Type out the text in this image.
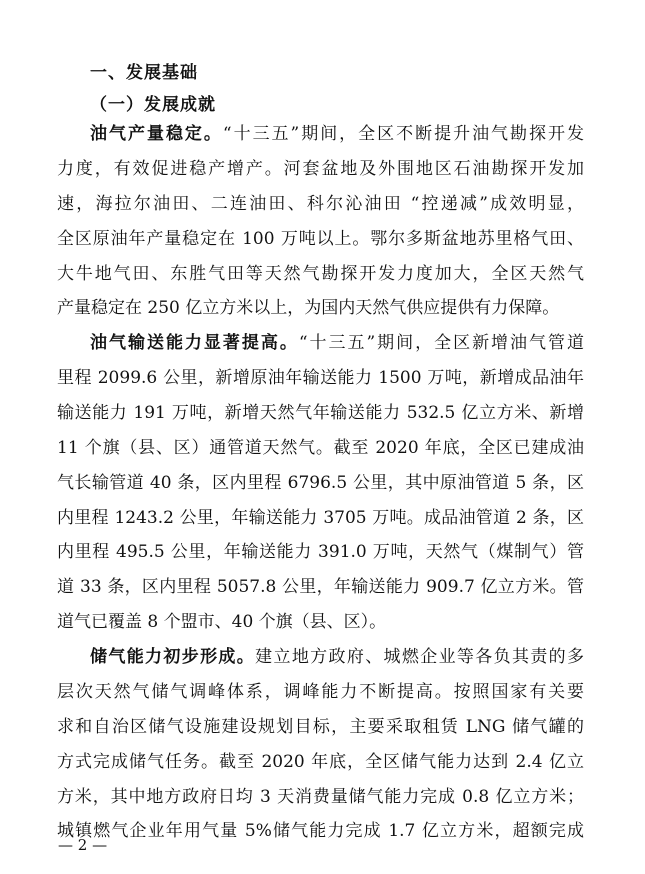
一、发展基础
（一）发展成就
油气产量稳定。“十三五”期间，全区不断提升油气勘探开发
力度，有效促进稳产增产。河套盆地及外围地区石油勘探开发加
速，海拉尔油田、二连油田、科尔沁油田 “控递减”成效明显，
全区原油年产量稳定在 100 万吨以上。鄂尔多斯盆地苏里格气田、
大牛地气田、东胜气田等天然气勘探开发力度加大，全区天然气
产量稳定在 250 亿立方米以上，为国内天然气供应提供有力保障。
油气输送能力显著提高。“十三五”期间，全区新增油气管道
里程 2099.6 公里，新增原油年输送能力 1500 万吨，新增成品油年
输送能力 191 万吨，新增天然气年输送能力 532.5 亿立方米、新增
11 个旗（县、区）通管道天然气。截至 2020 年底，全区已建成油
气长输管道 40 条，区内里程 6796.5 公里，其中原油管道 5 条，区
内里程 1243.2 公里，年输送能力 3705 万吨。成品油管道 2 条，区
内里程 495.5 公里，年输送能力 391.0 万吨，天然气（煤制气）管
道 33 条，区内里程 5057.8 公里，年输送能力 909.7 亿立方米。管
道气已覆盖 8 个盟市、40 个旗（县、区）。
储气能力初步形成。建立地方政府、城燃企业等各负其责的多
层次天然气储气调峰体系，调峰能力不断提高。按照国家有关要
求和自治区储气设施建设规划目标，主要采取租赁 LNG 储气罐的
方式完成储气任务。截至 2020 年底，全区储气能力达到 2.4 亿立
方米，其中地方政府日均 3 天消费量储气能力完成 0.8 亿立方米；
城镇燃气企业年用气量 5%储气能力完成 1.7 亿立方米，超额完成
— 2 —
